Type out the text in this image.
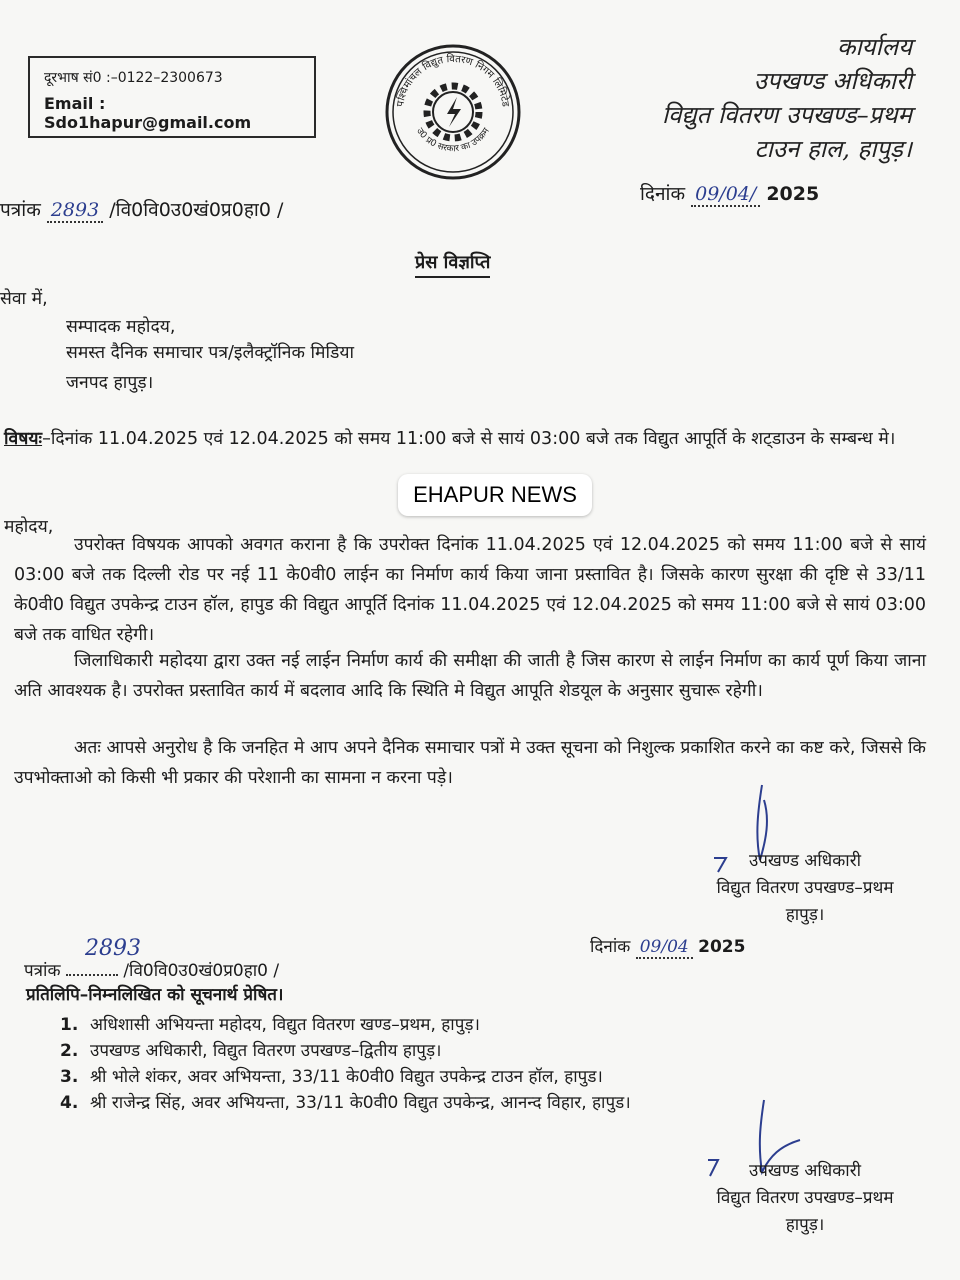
दूरभाष सं0 :–0122–2300673
Email : Sdo1hapur@gmail.com
पश्चिमांचल विद्युत वितरण निगम लिमिटेड
उ0 प्र0 सरकार का उपक्रम
कार्यालय
उपखण्ड अधिकारी
विद्युत वितरण उपखण्ड–प्रथम
टाउन हाल, हापुड़।
पत्रांक 2893 /वि0वि0उ0खं0प्र0हा0 /
दिनांक 09/04/ 2025
प्रेस विज्ञप्ति
सेवा में,
सम्पादक महोदय,
समस्त दैनिक समाचार पत्र/इलैक्ट्रॉनिक मिडिया
जनपद हापुड़।
विषयः–दिनांक 11.04.2025 एवं 12.04.2025 को समय 11:00 बजे से सायं 03:00 बजे तक विद्युत आपूर्ति के शट्डाउन के सम्बन्ध मे।
EHAPUR NEWS
महोदय,
उपरोक्त विषयक आपको अवगत कराना है कि उपरोक्त दिनांक 11.04.2025 एवं 12.04.2025 को समय 11:00 बजे से सायं 03:00 बजे तक दिल्ली रोड पर नई 11 के0वी0 लाईन का निर्माण कार्य किया जाना प्रस्तावित है। जिसके कारण सुरक्षा की दृष्टि से 33/11 के0वी0 विद्युत उपकेन्द्र टाउन हॉल, हापुड की विद्युत आपूर्ति दिनांक 11.04.2025 एवं 12.04.2025 को समय 11:00 बजे से सायं 03:00 बजे तक वाधित रहेगी।
जिलाधिकारी महोदया द्वारा उक्त नई लाईन निर्माण कार्य की समीक्षा की जाती है जिस कारण से लाईन निर्माण का कार्य पूर्ण किया जाना अति आवश्यक है। उपरोक्त प्रस्तावित कार्य में बदलाव आदि कि स्थिति मे विद्युत आपूति शेडयूल के अनुसार सुचारू रहेगी।
अतः आपसे अनुरोध है कि जनहित मे आप अपने दैनिक समाचार पत्रों मे उक्त सूचना को निशुल्क प्रकाशित करने का कष्ट करे, जिससे कि उपभोक्ताओ को किसी भी प्रकार की परेशानी का सामना न करना पड़े।
उपखण्ड अधिकारी
विद्युत वितरण उपखण्ड–प्रथम
हापुड़।
2893
पत्रांक	/वि0वि0उ0खं0प्र0हा0 /
दिनांक 09/04 2025
प्रतिलिपि–निम्नलिखित को सूचनार्थ प्रेषित।
1. अधिशासी अभियन्ता महोदय, विद्युत वितरण खण्ड–प्रथम, हापुड़।
2. उपखण्ड अधिकारी, विद्युत वितरण उपखण्ड–द्वितीय हापुड़।
3. श्री भोले शंकर, अवर अभियन्ता, 33/11 के0वी0 विद्युत उपकेन्द्र टाउन हॉल, हापुड।
4. श्री राजेन्द्र सिंह, अवर अभियन्ता, 33/11 के0वी0 विद्युत उपकेन्द्र, आनन्द विहार, हापुड।
उपखण्ड अधिकारी
विद्युत वितरण उपखण्ड–प्रथम
हापुड़।
